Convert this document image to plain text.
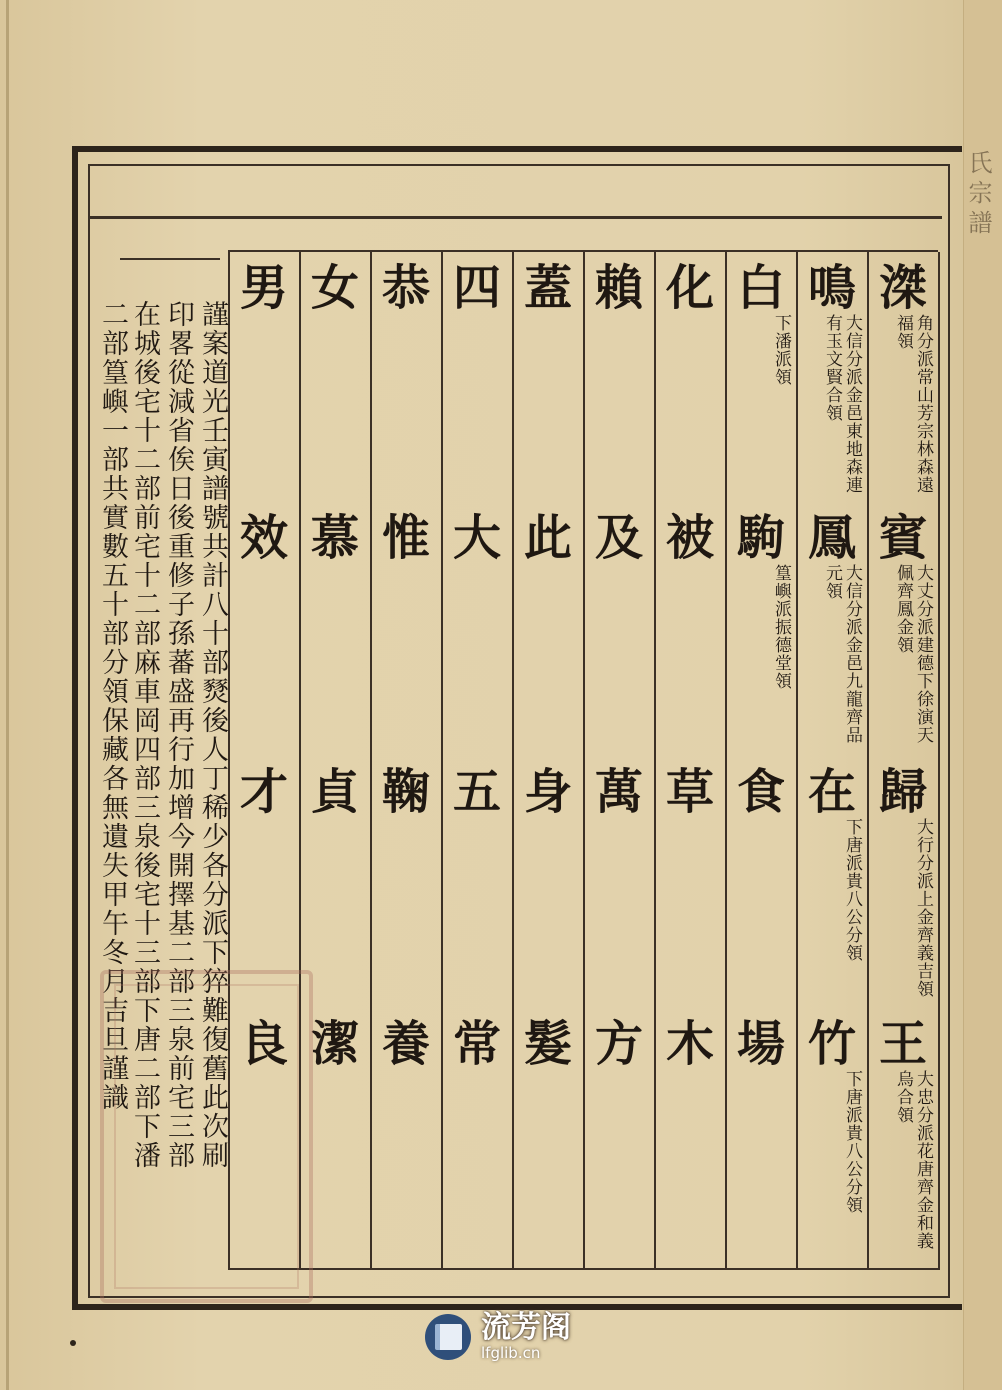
氏宗譜
滐
角分派常山芳宗林森遠福領
賓
大丈分派建德下徐演天佩齊鳳金領
歸
大行分派上金齊義吉領
王
大忠分派花唐齊金和義烏合領
鳴
大信分派金邑東地森連有玉文賢合領
鳳
大信分派金邑九龍齊品元領
在
下唐派貴八公分領
竹
下唐派貴八公分領
白
下潘派領
駒
篁嶼派振德堂領
食
場
化
被
草
木
賴
及
萬
方
蓋
此
身
髮
四
大
五
常
恭
惟
鞠
養
女
慕
貞
潔
男
效
才
良
謹案道光壬寅譜號共計八十部燹後人丁稀少各分派下猝難復舊此次刷
印畧從減省俟日後重修子孫蕃盛再行加增今開擇基二部三泉前宅三部
在城後宅十二部前宅十二部麻車岡四部三泉後宅十三部下唐二部下潘
二部篁嶼一部共實數五十部分領保藏各無遺失甲午冬月吉旦謹識
流芳阁
lfglib.cn
